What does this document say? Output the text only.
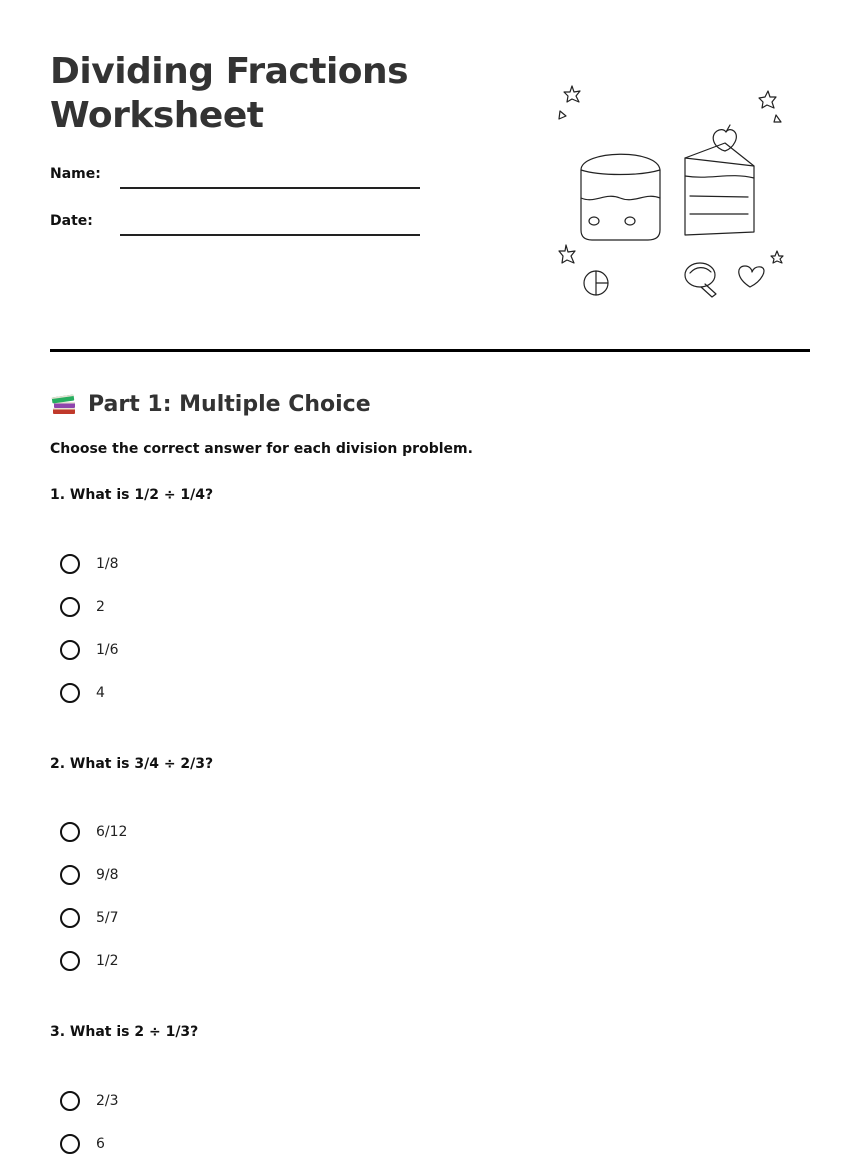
Dividing Fractions Worksheet
Name:
Date:
Part 1: Multiple Choice
Choose the correct answer for each division problem.
1. What is 1/2 ÷ 1/4?
1/8
2
1/6
4
2. What is 3/4 ÷ 2/3?
6/12
9/8
5/7
1/2
3. What is 2 ÷ 1/3?
2/3
6
